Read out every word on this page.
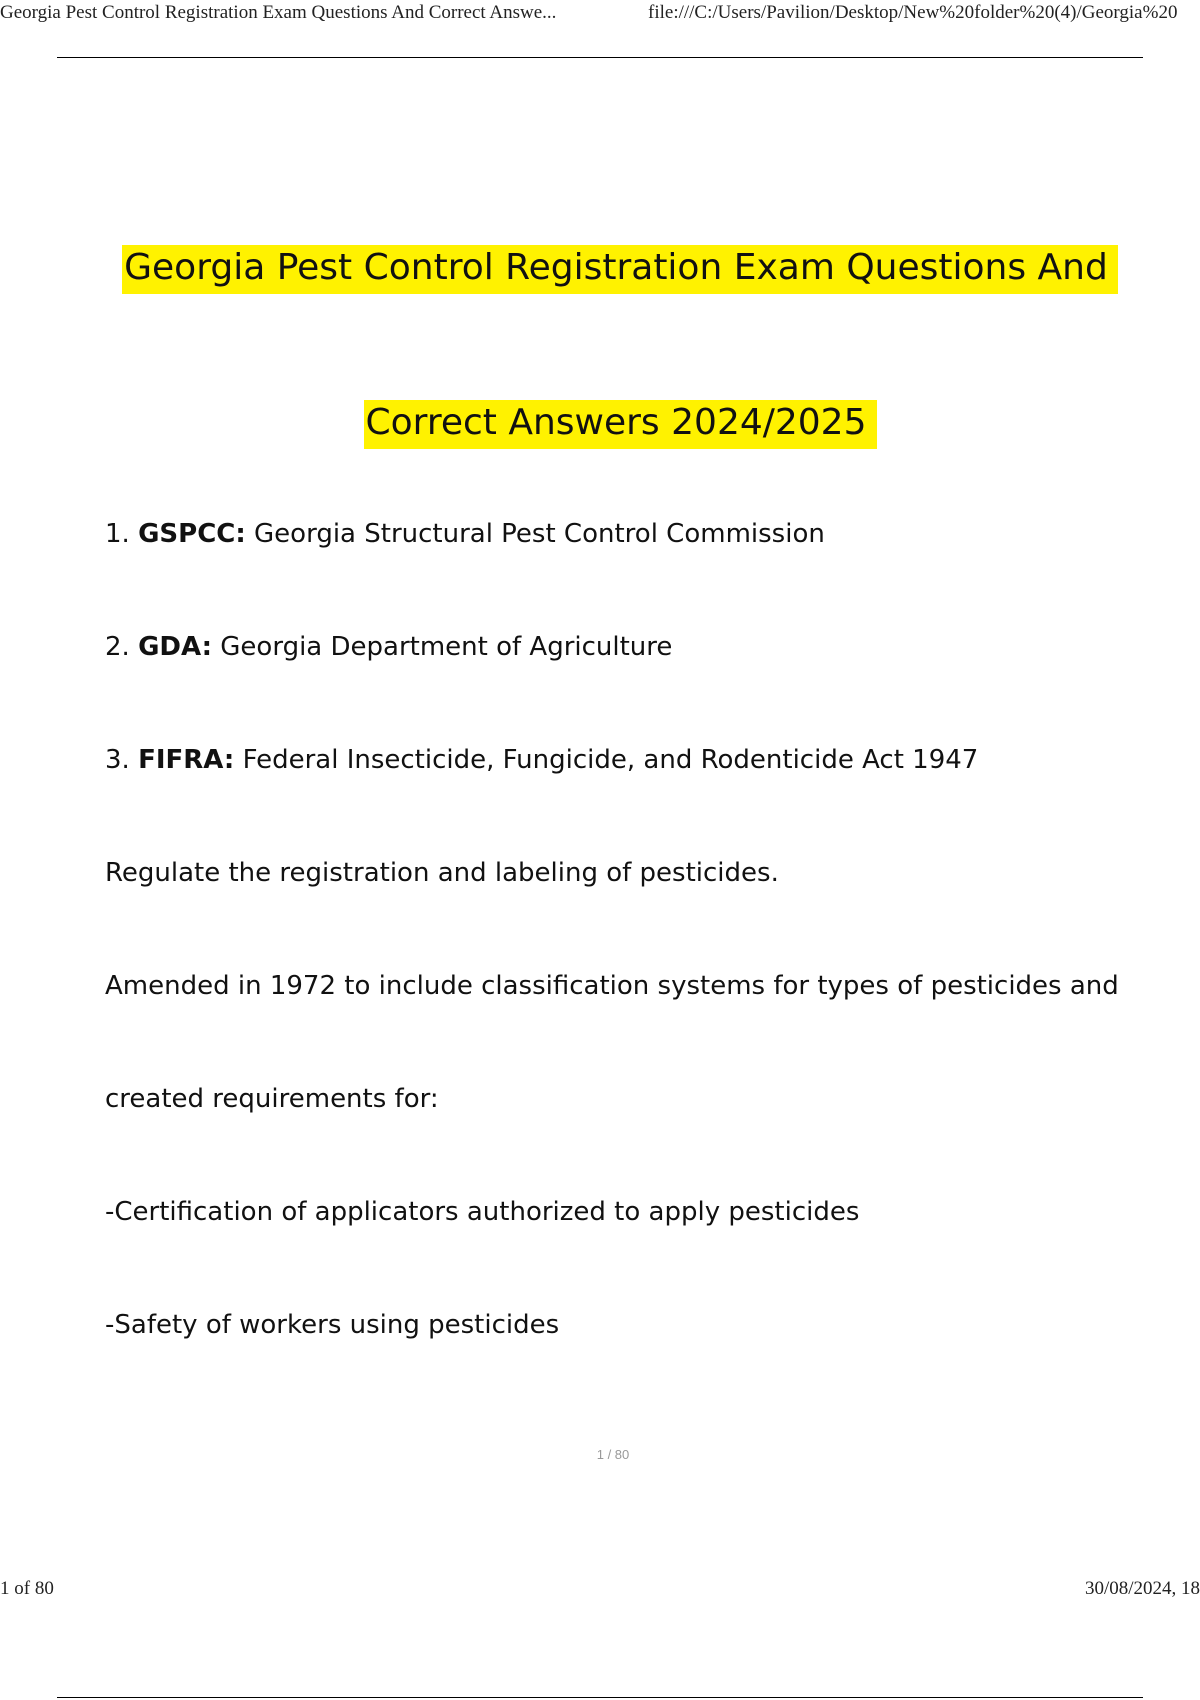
Georgia Pest Control Registration Exam Questions And Correct Answe...	file:///C:/Users/Pavilion/Desktop/New%20folder%20(4)/Georgia%20
Georgia Pest Control Registration Exam Questions And
Correct Answers 2024/2025

1. GSPCC: Georgia Structural Pest Control Commission

2. GDA: Georgia Department of Agriculture

3. FIFRA: Federal Insecticide, Fungicide, and Rodenticide Act 1947

Regulate the registration and labeling of pesticides.

Amended in 1972 to include classification systems for types of pesticides and

created requirements for:

-Certification of applicators authorized to apply pesticides

-Safety of workers using pesticides

1 / 80
1 of 80	30/08/2024, 18
